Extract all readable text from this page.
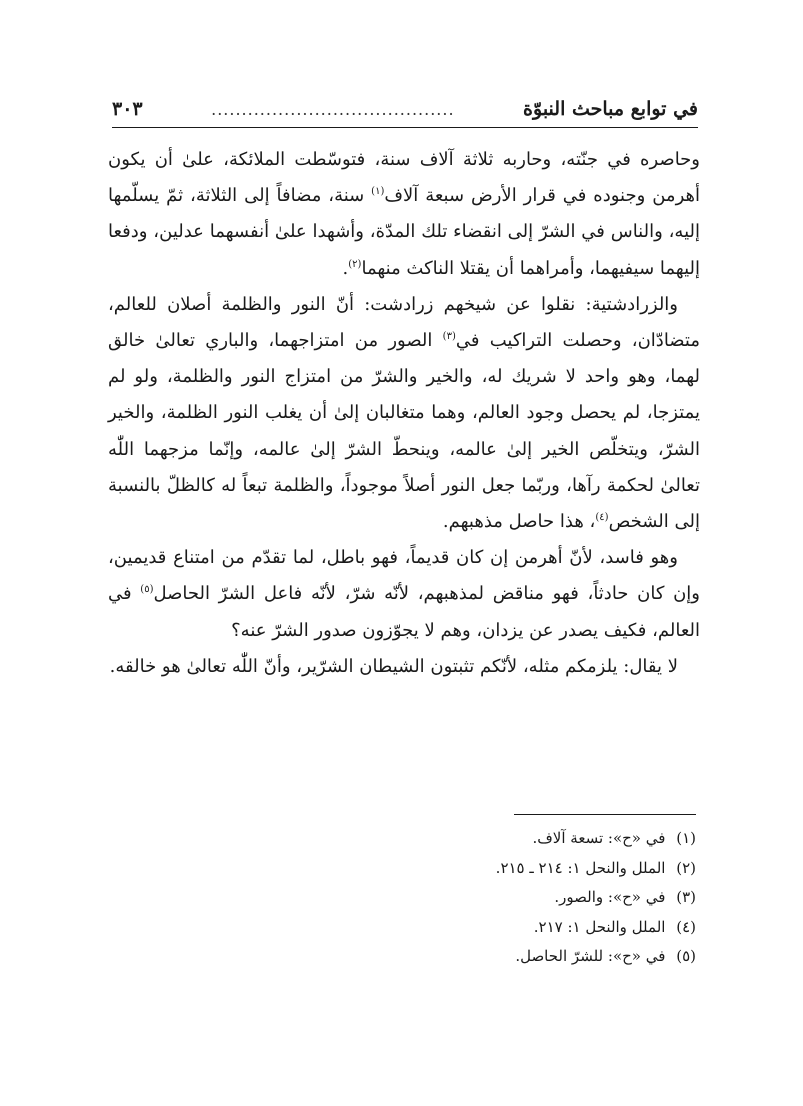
في توابع مباحث النبوّة
........................................
٣٠٣

وحاصره في جنّته، وحاربه ثلاثة آلاف سنة، فتوسّطت الملائكة، علىٰ أن يكون أهرمن وجنوده في قرار الأرض سبعة آلاف$^{(١)}$ سنة، مضافاً إلى الثلاثة، ثمّ يسلّمها إليه، والناس في الشرّ إلى انقضاء تلك المدّة، وأشهدا علىٰ أنفسهما عدلين، ودفعا إليهما سيفيهما، وأمراهما أن يقتلا الناكث منهما$^{(٢)}$.

والزرادشتية: نقلوا عن شيخهم زرادشت: أنّ النور والظلمة أصلان للعالم، متضادّان، وحصلت التراكيب في$^{(٣)}$ الصور من امتزاجهما، والباري تعالىٰ خالق لهما، وهو واحد لا شريك له، والخير والشرّ من امتزاج النور والظلمة، ولو لم يمتزجا، لم يحصل وجود العالم، وهما متغالبان إلىٰ أن يغلب النور الظلمة، والخير الشرّ، ويتخلّص الخير إلىٰ عالمه، وينحطّ الشرّ إلىٰ عالمه، وإنّما مزجهما اللّٰه تعالىٰ لحكمة رآها، وربّما جعل النور أصلاً موجوداً، والظلمة تبعاً له كالظلّ بالنسبة إلى الشخص$^{(٤)}$، هذا حاصل مذهبهم.

وهو فاسد، لأنّ أهرمن إن كان قديماً، فهو باطل، لما تقدّم من امتناع قديمين، وإن كان حادثاً، فهو مناقض لمذهبهم، لأنّه شرّ، لأنّه فاعل الشرّ الحاصل$^{(٥)}$ في العالم، فكيف يصدر عن يزدان، وهم لا يجوّزون صدور الشرّ عنه؟

لا يقال: يلزمكم مثله، لأنّكم تثبتون الشيطان الشرّير، وأنّ اللّٰه تعالىٰ هو خالقه.

(١) في «ح»: تسعة آلاف.
(٢) الملل والنحل ١: ٢١٤ ـ ٢١٥.
(٣) في «ح»: والصور.
(٤) الملل والنحل ١: ٢١٧.
(٥) في «ح»: للشرّ الحاصل.
